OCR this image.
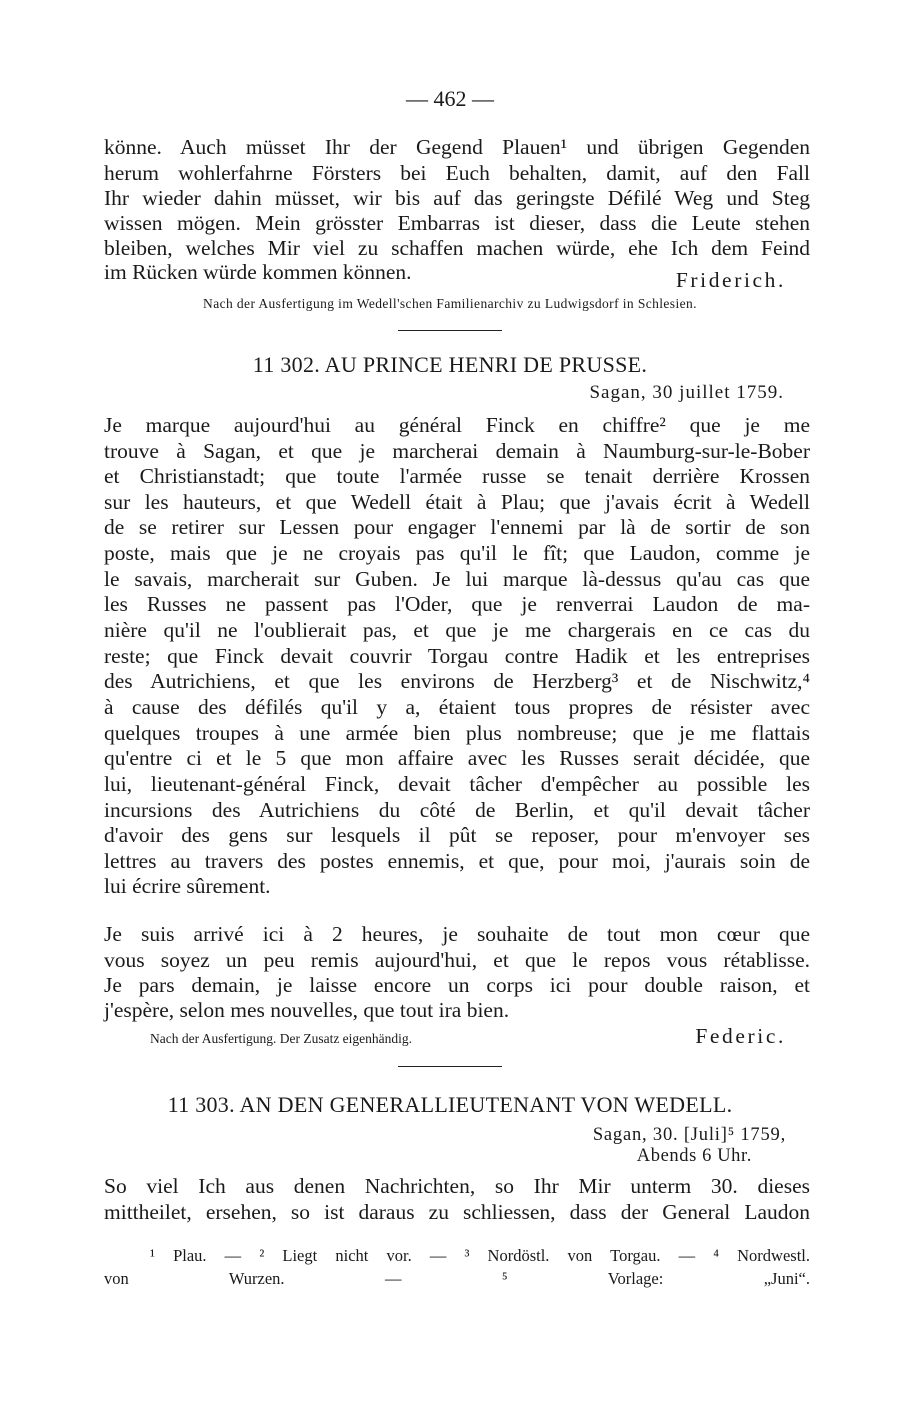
— 462 —
könne. Auch müsset Ihr der Gegend Plauen¹ und übrigen Gegenden
herum wohlerfahrne Försters bei Euch behalten, damit, auf den Fall
Ihr wieder dahin müsset, wir bis auf das geringste Défilé Weg und Steg
wissen mögen. Mein grösster Embarras ist dieser, dass die Leute stehen
bleiben, welches Mir viel zu schaffen machen würde, ehe Ich dem Feind
im Rücken würde kommen können.	Friderich.
Nach der Ausfertigung im Wedell'schen Familienarchiv zu Ludwigsdorf in Schlesien.
11 302. AU PRINCE HENRI DE PRUSSE.
Sagan, 30 juillet 1759.
Je marque aujourd'hui au général Finck en chiffre² que je me
trouve à Sagan, et que je marcherai demain à Naumburg-sur-le-Bober
et Christianstadt; que toute l'armée russe se tenait derrière Krossen
sur les hauteurs, et que Wedell était à Plau; que j'avais écrit à Wedell
de se retirer sur Lessen pour engager l'ennemi par là de sortir de son
poste, mais que je ne croyais pas qu'il le fît; que Laudon, comme je
le savais, marcherait sur Guben. Je lui marque là-dessus qu'au cas que
les Russes ne passent pas l'Oder, que je renverrai Laudon de ma-
nière qu'il ne l'oublierait pas, et que je me chargerais en ce cas du
reste; que Finck devait couvrir Torgau contre Hadik et les entreprises
des Autrichiens, et que les environs de Herzberg³ et de Nischwitz,⁴
à cause des défilés qu'il y a, étaient tous propres de résister avec
quelques troupes à une armée bien plus nombreuse; que je me flattais
qu'entre ci et le 5 que mon affaire avec les Russes serait décidée, que
lui, lieutenant-général Finck, devait tâcher d'empêcher au possible les
incursions des Autrichiens du côté de Berlin, et qu'il devait tâcher
d'avoir des gens sur lesquels il pût se reposer, pour m'envoyer ses
lettres au travers des postes ennemis, et que, pour moi, j'aurais soin de
lui écrire sûrement.
Je suis arrivé ici à 2 heures, je souhaite de tout mon cœur que
vous soyez un peu remis aujourd'hui, et que le repos vous rétablisse.
Je pars demain, je laisse encore un corps ici pour double raison, et
j'espère, selon mes nouvelles, que tout ira bien.
Nach der Ausfertigung. Der Zusatz eigenhändig.	Federic.
11 303. AN DEN GENERALLIEUTENANT VON WEDELL.
Sagan, 30. [Juli]⁵ 1759,
Abends 6 Uhr.
So viel Ich aus denen Nachrichten, so Ihr Mir unterm 30. dieses
mittheilet, ersehen, so ist daraus zu schliessen, dass der General Laudon
¹ Plau. — ² Liegt nicht vor. — ³ Nordöstl. von Torgau. — ⁴ Nordwestl.
von Wurzen. — ⁵ Vorlage: „Juni“.
